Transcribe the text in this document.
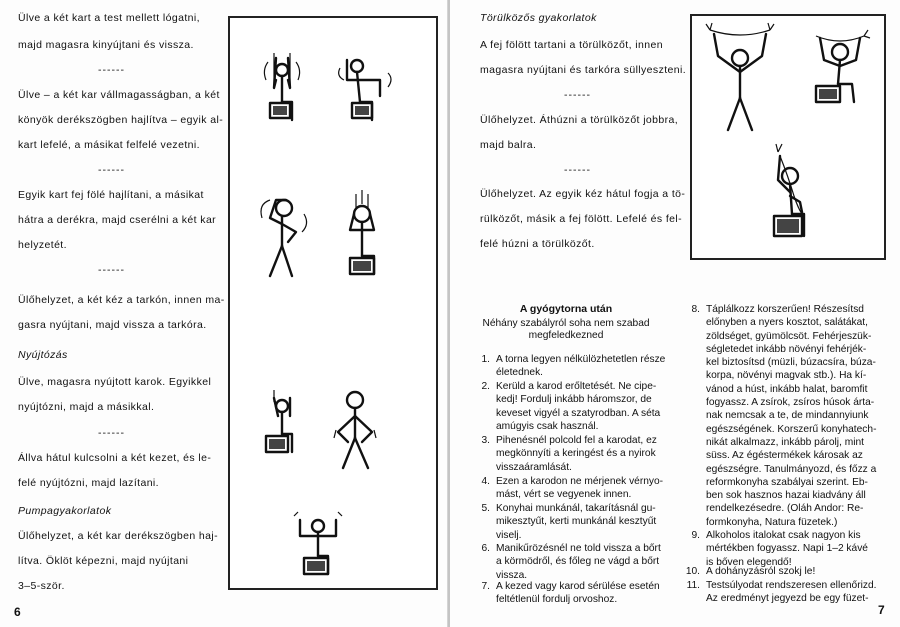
Ülve a két kart a test mellett lógatni,

majd magasra kinyújtani és vissza.

------

Ülve – a két kar vállmagasságban, a két

könyök derékszögben hajlítva – egyik al-

kart lefelé, a másikat felfelé vezetni.

------

Egyik kart fej fölé hajlítani, a másikat

hátra a derékra, majd cserélni a két kar

helyzetét.

------

Ülőhelyzet, a két kéz a tarkón, innen ma-

gasra nyújtani, majd vissza a tarkóra.

Nyújtózás

Ülve, magasra nyújtott karok. Egyikkel

nyújtózni, majd a másikkal.

------

Állva hátul kulcsolni a két kezet, és le-

felé nyújtózni, majd lazítani.

Pumpagyakorlatok

Ülőhelyzet, a két kar derékszögben haj-

lítva. Öklöt képezni, majd nyújtani

3–5-ször.

6

Törülközős gyakorlatok

A fej fölött tartani a törülközőt, innen

magasra nyújtani és tarkóra süllyeszteni.

------

Ülőhelyzet. Áthúzni a törülközőt jobbra,

majd balra.

------

Ülőhelyzet. Az egyik kéz hátul fogja a tö-

rülközőt, másik a fej fölött. Lefelé és fel-

felé húzni a törülközőt.

A gyógytorna után
Néhány szabályról soha nem szabad
megfeledkezned
1. A torna legyen nélkülözhetetlen része
életednek.
2. Kerüld a karod erőltetését. Ne cipe-
kedj! Fordulj inkább háromszor, de
keveset vigyél a szatyrodban. A séta
amúgyis csak használ.
3. Pihenésnél polcold fel a karodat, ez
megkönnyíti a keringést és a nyirok
visszaáramlását.
4. Ezen a karodon ne mérjenek vérnyo-
mást, vért se vegyenek innen.
5. Konyhai munkánál, takarításnál gu-
mikesztyűt, kerti munkánál kesztyűt
viselj.
6. Manikűrözésnél ne told vissza a bőrt
a körmödről, és főleg ne vágd a bőrt
vissza.
7. A kezed vagy karod sérülése esetén
feltétlenül fordulj orvoshoz.
8. Táplálkozz korszerűen! Részesítsd
előnyben a nyers kosztot, salátákat,
zöldséget, gyümölcsöt. Fehérjeszük-
ségletedet inkább növényi fehérjék-
kel biztosítsd (müzli, búzacsíra, búza-
korpa, növényi magvak stb.). Ha kí-
vánod a húst, inkább halat, baromfit
fogyassz. A zsírok, zsíros húsok árta-
nak nemcsak a te, de mindannyiunk
egészségének. Korszerű konyhatech-
nikát alkalmazz, inkább párolj, mint
süss. Az égéstermékek károsak az
egészségre. Tanulmányozd, és főzz a
reformkonyha szabályai szerint. Eb-
ben sok hasznos hazai kiadvány áll
rendelkezésedre. (Oláh Andor: Re-
formkonyha, Natura füzetek.)
9. Alkoholos italokat csak nagyon kis
mértékben fogyassz. Napi 1–2 kávé
is bőven elegendő!
10. A dohányzásról szokj le!
11. Testsúlyodat rendszeresen ellenőrizd.
Az eredményt jegyezd be egy füzet-
7
